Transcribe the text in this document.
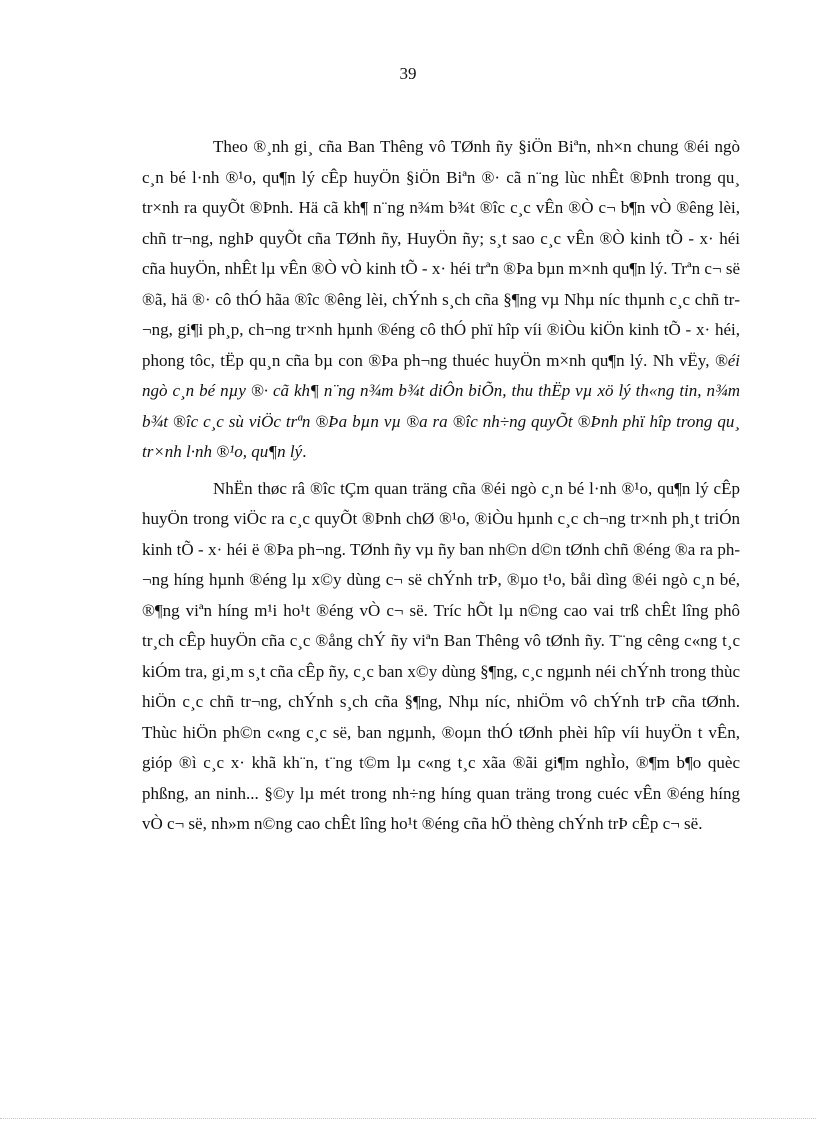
39

Theo ®¸nh gi¸ cña Ban Thêng vô TØnh ñy §iÖn Biªn, nh×n chung ®éi ngò c¸n bé l·nh ®¹o, qu¶n lý cÊp huyÖn §iÖn Biªn ®· cã n¨ng lùc nhÊt ®Þnh trong qu¸ tr×nh ra quyÕt ®Þnh. Hä cã kh¶ n¨ng n¾m b¾t ®îc c¸c vÊn ®Ò c¬ b¶n vÒ ®êng lèi, chñ tr¬ng, nghÞ quyÕt cña TØnh ñy, HuyÖn ñy; s¸t sao c¸c vÊn ®Ò kinh tÕ - x· héi cña huyÖn, nhÊt lµ vÊn ®Ò vÒ kinh tÕ - x· héi trªn ®Þa bµn m×nh qu¶n lý. Trªn c¬ së ®ã, hä ®· cô thÓ hãa ®îc ®êng lèi, chÝnh s¸ch cña §¶ng vµ Nhµ níc thµnh c¸c chñ tr¬ng, gi¶i ph¸p, ch¬ng tr×nh hµnh ®éng cô thÓ phï hîp víi ®iÒu kiÖn kinh tÕ - x· héi, phong tôc, tËp qu¸n cña bµ con ®Þa ph¬ng thuéc huyÖn m×nh qu¶n lý. Nh vËy, ®éi ngò c¸n bé nµy ®· cã kh¶ n¨ng n¾m b¾t diÔn biÕn, thu thËp vµ xö lý th«ng tin, n¾m b¾t ®îc c¸c sù viÖc trªn ®Þa bµn vµ ®a ra ®îc nh÷ng quyÕt ®Þnh phï hîp trong qu¸ tr×nh l·nh ®¹o, qu¶n lý.

NhËn thøc râ ®îc tÇm quan träng cña ®éi ngò c¸n bé l·nh ®¹o, qu¶n lý cÊp huyÖn trong viÖc ra c¸c quyÕt ®Þnh chØ ®¹o, ®iÒu hµnh c¸c ch¬ng tr×nh ph¸t triÓn kinh tÕ - x· héi ë ®Þa ph¬ng. TØnh ñy vµ ñy ban nh©n d©n tØnh chñ ®éng ®a ra ph¬ng híng hµnh ®éng lµ x©y dùng c¬ së chÝnh trÞ, ®µo t¹o, båi dìng ®éi ngò c¸n bé, ®¶ng viªn híng m¹i ho¹t ®éng vÒ c¬ së. Tríc hÕt lµ n©ng cao vai trß chÊt lîng phô tr¸ch cÊp huyÖn cña c¸c ®ång chÝ ñy viªn Ban Thêng vô tØnh ñy. T¨ng cêng c«ng t¸c kiÓm tra, gi¸m s¸t cña cÊp ñy, c¸c ban x©y dùng §¶ng, c¸c ngµnh néi chÝnh trong thùc hiÖn c¸c chñ tr¬ng, chÝnh s¸ch cña §¶ng, Nhµ níc, nhiÖm vô chÝnh trÞ cña tØnh. Thùc hiÖn ph©n c«ng c¸c së, ban ngµnh, ®oµn thÓ tØnh phèi hîp víi huyÖn t vÊn, gióp ®ì c¸c x· khã kh¨n, t¨ng t©m lµ c«ng t¸c xãa ®ãi gi¶m nghÌo, ®¶m b¶o quèc phßng, an ninh... §©y lµ mét trong nh÷ng híng quan träng trong cuéc vÊn ®éng híng vÒ c¬ së, nh»m n©ng cao chÊt lîng ho¹t ®éng cña hÖ thèng chÝnh trÞ cÊp c¬ së.
